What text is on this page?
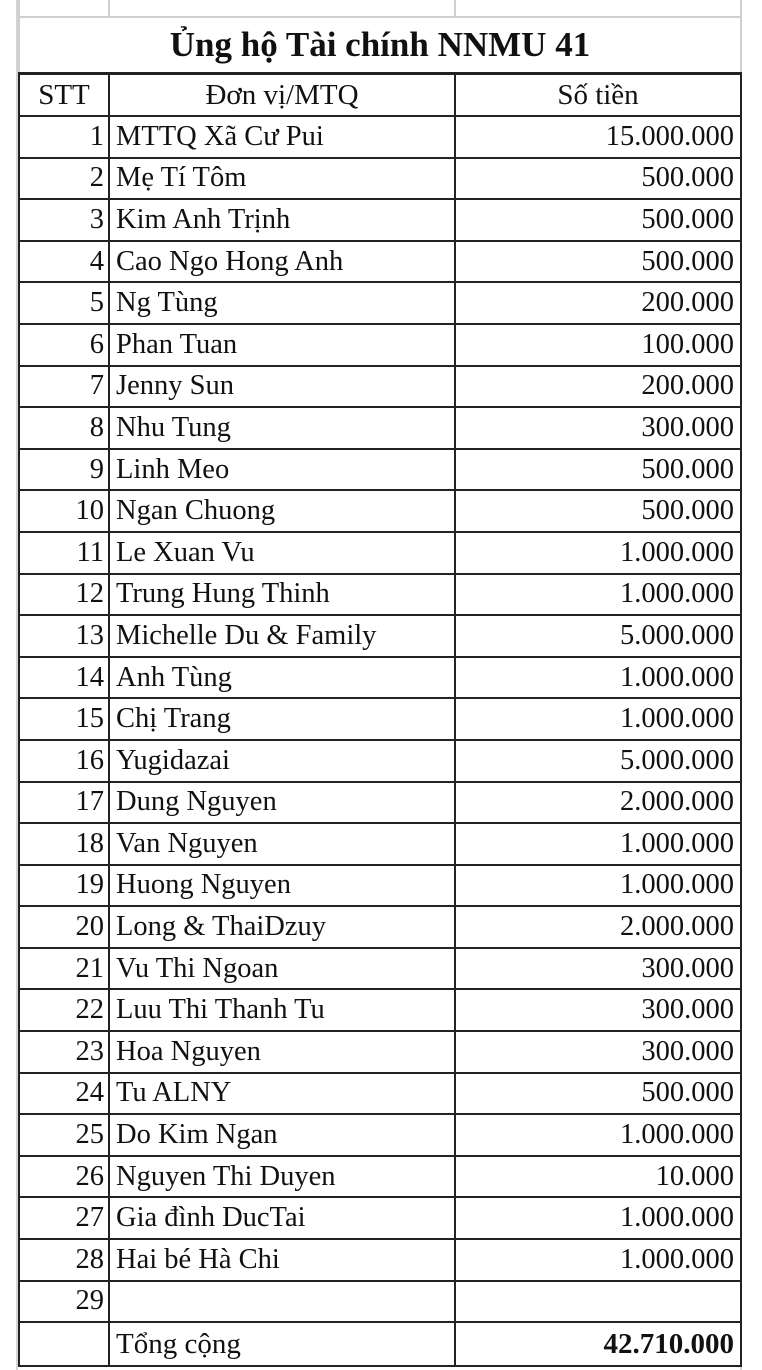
Ủng hộ Tài chính NNMU 41		
STT	Đơn vị/MTQ	Số tiền
1	MTTQ Xã Cư Pui	15.000.000
2	Mẹ Tí Tôm	500.000
3	Kim Anh Trịnh	500.000
4	Cao Ngo Hong Anh	500.000
5	Ng Tùng	200.000
6	Phan Tuan	100.000
7	Jenny Sun	200.000
8	Nhu Tung	300.000
9	Linh Meo	500.000
10	Ngan Chuong	500.000
11	Le Xuan Vu	1.000.000
12	Trung Hung Thinh	1.000.000
13	Michelle Du & Family	5.000.000
14	Anh Tùng	1.000.000
15	Chị Trang	1.000.000
16	Yugidazai	5.000.000
17	Dung Nguyen	2.000.000
18	Van Nguyen	1.000.000
19	Huong Nguyen	1.000.000
20	Long & ThaiDzuy	2.000.000
21	Vu Thi Ngoan	300.000
22	Luu Thi Thanh Tu	300.000
23	Hoa Nguyen	300.000
24	Tu ALNY	500.000
25	Do Kim Ngan	1.000.000
26	Nguyen Thi Duyen	10.000
27	Gia đình DucTai	1.000.000
28	Hai bé Hà Chi	1.000.000
29		
	Tổng cộng	42.710.000
